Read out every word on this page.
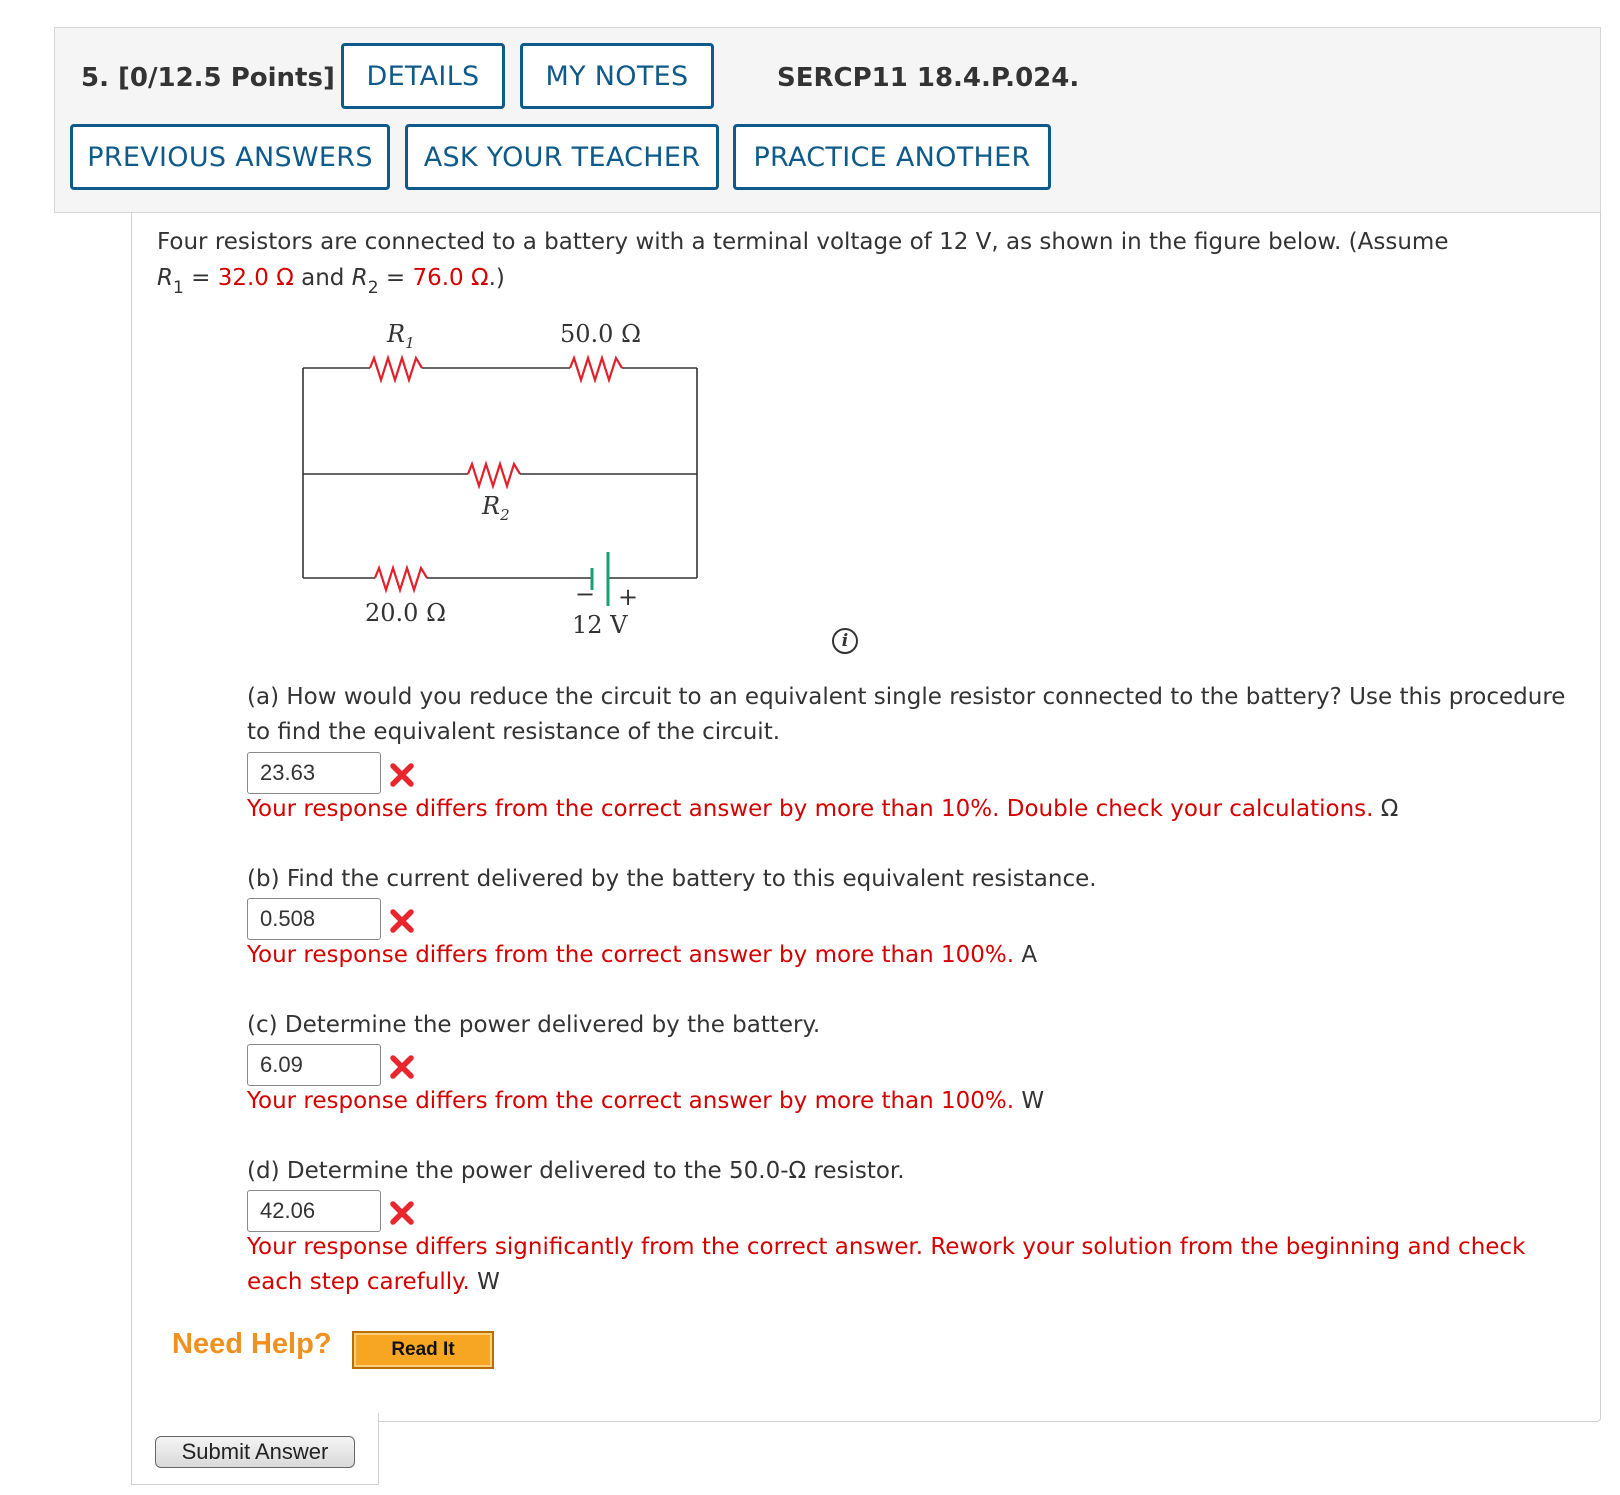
5. [0/12.5 Points]	DETAILS	MY NOTES	SERCP11 18.4.P.024.
PREVIOUS ANSWERS	ASK YOUR TEACHER	PRACTICE ANOTHER
Four resistors are connected to a battery with a terminal voltage of 12 V, as shown in the figure below. (Assume
$R_1 = 32.0$ Ω and $R_2 = 76.0$ Ω.)
$R_1$	50.0 Ω
$R_2$
20.0 Ω
− +
12 V
i
(a) How would you reduce the circuit to an equivalent single resistor connected to the battery? Use this procedure to find the equivalent resistance of the circuit.
23.63
Your response differs from the correct answer by more than 10%. Double check your calculations. Ω
(b) Find the current delivered by the battery to this equivalent resistance.
0.508
Your response differs from the correct answer by more than 100%. A
(c) Determine the power delivered by the battery.
6.09
Your response differs from the correct answer by more than 100%. W
(d) Determine the power delivered to the 50.0-Ω resistor.
42.06
Your response differs significantly from the correct answer. Rework your solution from the beginning and check each step carefully. W
Need Help?	Read It
Submit Answer
